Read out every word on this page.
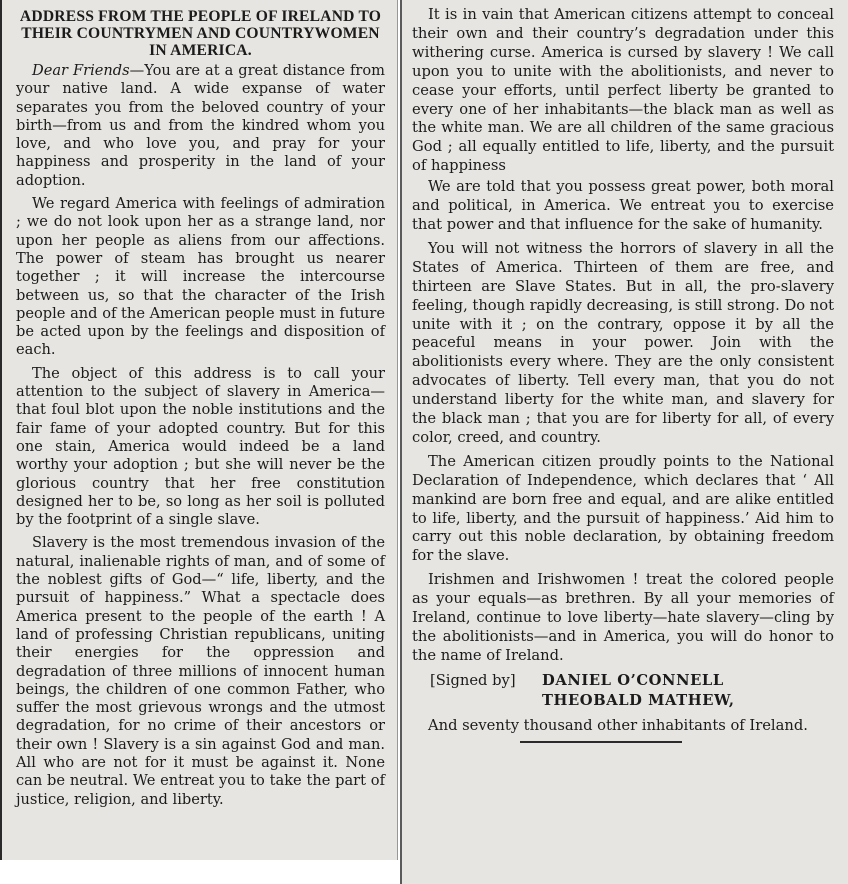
ADDRESS FROM THE PEOPLE OF IRELAND TO THEIR COUNTRYMEN AND COUNTRYWOMEN IN AMERICA.

Dear Friends—You are at a great distance from your native land. A wide expanse of water separates you from the beloved country of your birth—from us and from the kindred whom you love, and who love you, and pray for your happiness and prosperity in the land of your adoption.

We regard America with feelings of admiration ; we do not look upon her as a strange land, nor upon her people as aliens from our affections. The power of steam has brought us nearer together ; it will increase the intercourse between us, so that the character of the Irish people and of the American people must in future be acted upon by the feelings and disposition of each.

The object of this address is to call your attention to the subject of slavery in America—that foul blot upon the noble institutions and the fair fame of your adopted country. But for this one stain, America would indeed be a land worthy your adoption ; but she will never be the glorious country that her free constitution designed her to be, so long as her soil is polluted by the footprint of a single slave.

Slavery is the most tremendous invasion of the natural, inalienable rights of man, and of some of the noblest gifts of God—“ life, liberty, and the pursuit of happiness.” What a spectacle does America present to the people of the earth ! A land of professing Christian republicans, uniting their energies for the oppression and degradation of three millions of innocent human beings, the children of one common Father, who suffer the most grievous wrongs and the utmost degradation, for no crime of their ancestors or their own ! Slavery is a sin against God and man. All who are not for it must be against it. None can be neutral. We entreat you to take the part of justice, religion, and liberty.

It is in vain that American citizens attempt to conceal their own and their country’s degradation under this withering curse. America is cursed by slavery ! We call upon you to unite with the abolitionists, and never to cease your efforts, until perfect liberty be granted to every one of her inhabitants—the black man as well as the white man. We are all children of the same gracious God ; all equally entitled to life, liberty, and the pursuit of happiness

We are told that you possess great power, both moral and political, in America. We entreat you to exercise that power and that influence for the sake of humanity.

You will not witness the horrors of slavery in all the States of America. Thirteen of them are free, and thirteen are Slave States. But in all, the pro-slavery feeling, though rapidly decreasing, is still strong. Do not unite with it ; on the contrary, oppose it by all the peaceful means in your power. Join with the abolitionists every where. They are the only consistent advocates of liberty. Tell every man, that you do not understand liberty for the white man, and slavery for the black man ; that you are for liberty for all, of every color, creed, and country.

The American citizen proudly points to the National Declaration of Independence, which declares that ‘ All mankind are born free and equal, and are alike entitled to life, liberty, and the pursuit of happiness.’ Aid him to carry out this noble declaration, by obtaining freedom for the slave.

Irishmen and Irishwomen ! treat the colored people as your equals—as brethren. By all your memories of Ireland, continue to love liberty—hate slavery—cling by the abolitionists—and in America, you will do honor to the name of Ireland.

[Signed by]	DANIEL O’CONNELL
THEOBALD MATHEW,

And seventy thousand other inhabitants of Ireland.
